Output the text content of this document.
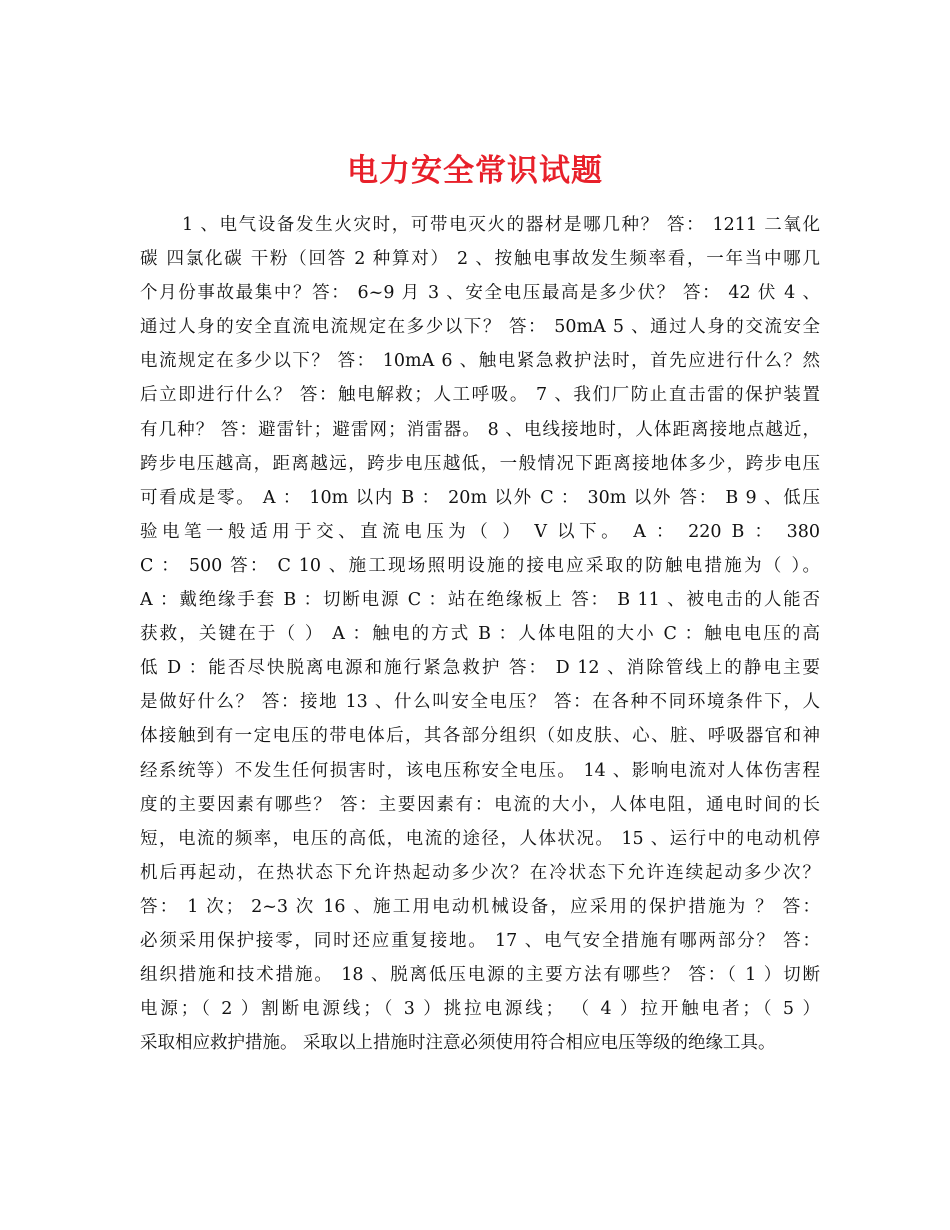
电力安全常识试题
1 、电气设备发生火灾时，可带电灭火的器材是哪几种？ 答： 1211 二氧化
碳 四氯化碳 干粉（回答 2 种算对） 2 、按触电事故发生频率看，一年当中哪几
个月份事故最集中？答： 6~9 月 3 、安全电压最高是多少伏？ 答： 42 伏 4 、
通过人身的安全直流电流规定在多少以下？ 答： 50mA 5 、通过人身的交流安全
电流规定在多少以下？ 答： 10mA 6 、触电紧急救护法时，首先应进行什么？然
后立即进行什么？ 答：触电解救；人工呼吸。 7 、我们厂防止直击雷的保护装置
有几种？ 答：避雷针；避雷网；消雷器。 8 、电线接地时，人体距离接地点越近，
跨步电压越高，距离越远，跨步电压越低，一般情况下距离接地体多少，跨步电压
可看成是零。 A ： 10m 以内 B ： 20m 以外 C ： 30m 以外 答： B 9 、低压
验电笔一般适用于交、直流电压为（ ） V 以下。 A ： 220 B ： 380
C ： 500 答： C 10 、施工现场照明设施的接电应采取的防触电措施为（ ）。
A ：戴绝缘手套 B ：切断电源 C ：站在绝缘板上 答： B 11 、被电击的人能否
获救，关键在于（ ） A ：触电的方式 B ：人体电阻的大小 C ：触电电压的高
低 D ：能否尽快脱离电源和施行紧急救护 答： D 12 、消除管线上的静电主要
是做好什么？ 答：接地 13 、什么叫安全电压？ 答：在各种不同环境条件下，人
体接触到有一定电压的带电体后，其各部分组织（如皮肤、心、脏、呼吸器官和神
经系统等）不发生任何损害时，该电压称安全电压。 14 、影响电流对人体伤害程
度的主要因素有哪些？ 答：主要因素有：电流的大小，人体电阻，通电时间的长
短，电流的频率，电压的高低，电流的途径，人体状况。 15 、运行中的电动机停
机后再起动，在热状态下允许热起动多少次？在冷状态下允许连续起动多少次？
答： 1 次； 2~3 次 16 、施工用电动机械设备，应采用的保护措施为 ？ 答：
必须采用保护接零，同时还应重复接地。 17 、电气安全措施有哪两部分？ 答：
组织措施和技术措施。 18 、脱离低压电源的主要方法有哪些？ 答：（ 1 ）切断
电源；（ 2 ）割断电源线；（ 3 ）挑拉电源线； （ 4 ）拉开触电者；（ 5 ）
采取相应救护措施。 采取以上措施时注意必须使用符合相应电压等级的绝缘工具。
